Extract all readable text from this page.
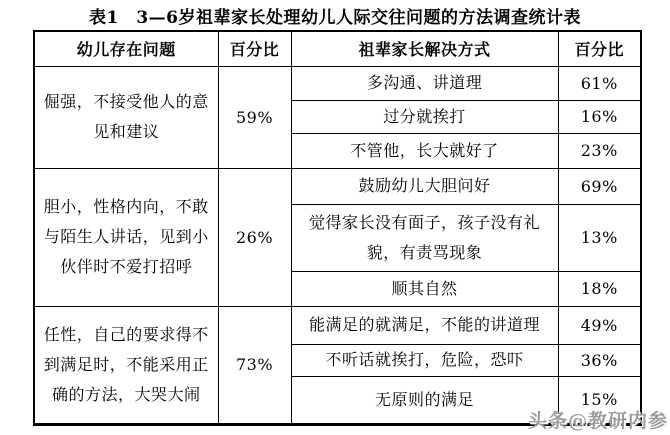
表1　3—6岁祖辈家长处理幼儿人际交往问题的方法调查统计表
幼儿存在问题	百分比	祖辈家长解决方式	百分比
倔强，不接受他人的意见和建议	59%	多沟通、讲道理	61%
		过分就挨打	16%
		不管他，长大就好了	23%
胆小，性格内向，不敢与陌生人讲话，见到小伙伴时不爱打招呼	26%	鼓励幼儿大胆问好	69%
		觉得家长没有面子，孩子没有礼貌，有责骂现象	13%
		顺其自然	18%
任性，自己的要求得不到满足时，不能采用正确的方法，大哭大闹	73%	能满足的就满足，不能的讲道理	49%
		不听话就挨打，危险，恐吓	36%
		无原则的满足	15%
头条@教研内参
